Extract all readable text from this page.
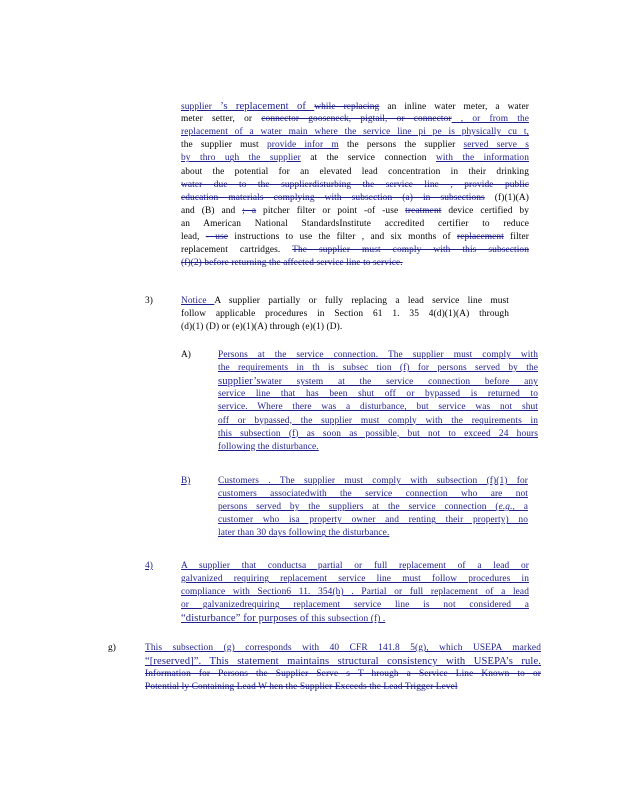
supplier ’s replacement of while replacing an inline water meter, a water
meter setter, or connector gooseneck, pigtail, or connector , or from the
replacement of a water main where the service line pi pe is physically cu t,
the supplier must provide infor m the persons the supplier served serve s
by thro ugh the supplier at the service connection with the information
about the potential for an elevated lead concentration in their drinking
water due to the supplierdisturbing the service line , provide public
education materials complying with subsection (a) in subsections (f)(1)(A)
and (B) and ; a pitcher filter or point -of -use treatment device certified by
an American National StandardsInstitute accredited certifier to reduce
lead, - use instructions to use the filter , and six months of replacement filter
replacement cartridges. The supplier must comply with this subsection
(f)(2) before returning the affected service line to service.
3)	Notice A supplier partially or fully replacing a lead service line must
follow applicable procedures in Section 61 1. 35 4(d)(1)(A) through
(d)(1) (D) or (e)(1)(A) through (e)(1) (D).
A)	Persons at the service connection. The supplier must comply with
the requirements in th is subsec tion (f) for persons served by the
supplier’swater system at the service connection before any
service line that has been shut off or bypassed is returned to
service. Where there was a disturbance, but service was not shut
off or bypassed, the supplier must comply with the requirements in
this subsection (f) as soon as possible, but not to exceed 24 hours
following the disturbance.
B)	Customers . The supplier must comply with subsection (f)(1) for
customers associatedwith the service connection who are not
persons served by the suppliers at the service connection (e.g., a
customer who isa property owner and renting their property) no
later than 30 days following the disturbance.
4)	A supplier that conductsa partial or full replacement of a lead or
galvanized requiring replacement service line must follow procedures in
compliance with Section6 11. 354(h) . Partial or full replacement of a lead
or galvanizedrequiring replacement service line is not considered a
“disturbance” for purposes of this subsection (f) .
g)	This subsection (g) corresponds with 40 CFR 141.8 5(g), which USEPA marked
“[reserved]”. This statement maintains structural consistency with USEPA’s rule.
Information for Persons the Supplier Serve s T hrough a Service Line Known to or
Potential ly Containing Lead W hen the Supplier Exceeds the Lead Trigger Level
